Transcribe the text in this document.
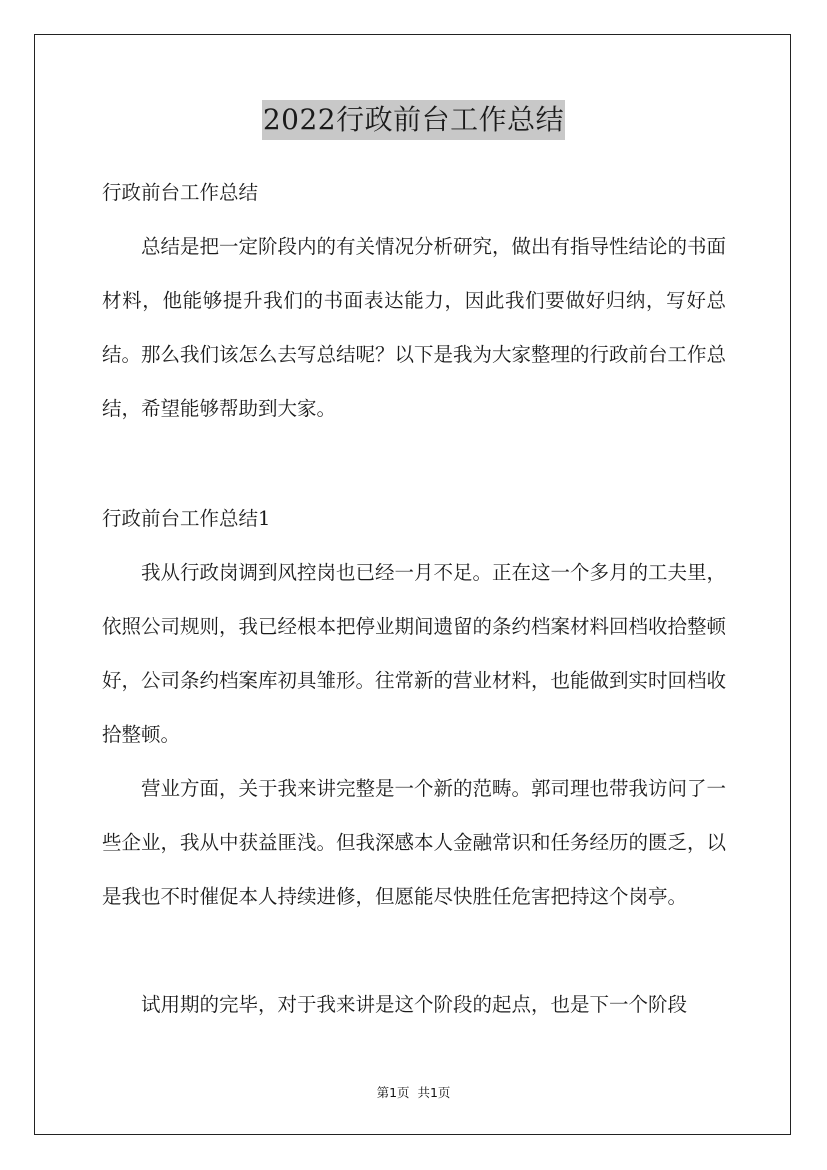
2022行政前台工作总结
行政前台工作总结

总结是把一定阶段内的有关情况分析研究，做出有指导性结论的书面材料，他能够提升我们的书面表达能力，因此我们要做好归纳，写好总结。那么我们该怎么去写总结呢？以下是我为大家整理的行政前台工作总结，希望能够帮助到大家。

行政前台工作总结1

我从行政岗调到风控岗也已经一月不足。正在这一个多月的工夫里，依照公司规则，我已经根本把停业期间遗留的条约档案材料回档收拾整顿好，公司条约档案库初具雏形。往常新的营业材料，也能做到实时回档收拾整顿。

营业方面，关于我来讲完整是一个新的范畴。郭司理也带我访问了一些企业，我从中获益匪浅。但我深感本人金融常识和任务经历的匮乏，以是我也不时催促本人持续进修，但愿能尽快胜任危害把持这个岗亭。

试用期的完毕，对于我来讲是这个阶段的起点，也是下一个阶段

第1页  共1页
